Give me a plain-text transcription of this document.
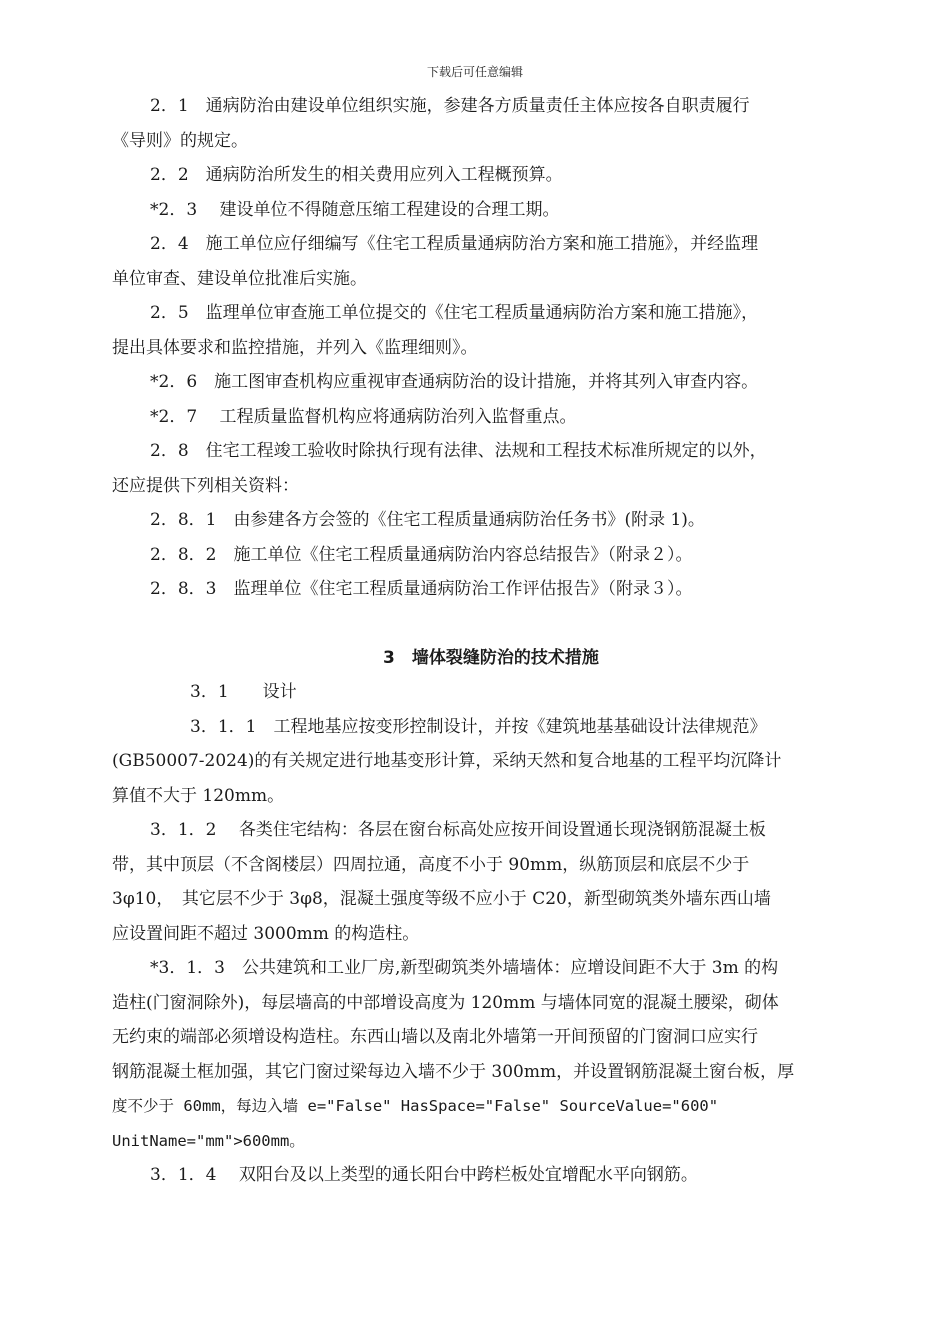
下载后可任意编辑

2．1　通病防治由建设单位组织实施，参建各方质量责任主体应按各自职责履行

《导则》的规定。

2．2　通病防治所发生的相关费用应列入工程概预算。

*2．3　 建设单位不得随意压缩工程建设的合理工期。

2．4　施工单位应仔细编写《住宅工程质量通病防治方案和施工措施》，并经监理

单位审查、建设单位批准后实施。

2．5　监理单位审查施工单位提交的《住宅工程质量通病防治方案和施工措施》，

提出具体要求和监控措施，并列入《监理细则》。

*2．6　施工图审查机构应重视审查通病防治的设计措施，并将其列入审查内容。

*2．7　 工程质量监督机构应将通病防治列入监督重点。

2．8　住宅工程竣工验收时除执行现有法律、法规和工程技术标准所规定的以外，

还应提供下列相关资料：

2．8．1　由参建各方会签的《住宅工程质量通病防治任务书》(附录 1)。

2．8．2　施工单位《住宅工程质量通病防治内容总结报告》（附录２）。

2．8．3　监理单位《住宅工程质量通病防治工作评估报告》（附录３）。

3　墙体裂缝防治的技术措施

3．1　　设计

3．1．1　工程地基应按变形控制设计，并按《建筑地基基础设计法律规范》

(GB50007-2024)的有关规定进行地基变形计算，采纳天然和复合地基的工程平均沉降计

算值不大于 120mm。

3．1．2　 各类住宅结构：各层在窗台标高处应按开间设置通长现浇钢筋混凝土板

带，其中顶层（不含阁楼层）四周拉通，高度不小于 90mm，纵筋顶层和底层不少于

3φ10，　其它层不少于 3φ8，混凝土强度等级不应小于 C20，新型砌筑类外墙东西山墙

应设置间距不超过 3000mm 的构造柱。

*3．1．3　公共建筑和工业厂房,新型砌筑类外墙墙体：应增设间距不大于 3m 的构

造柱(门窗洞除外)，每层墙高的中部增设高度为 120mm 与墙体同宽的混凝土腰梁，砌体

无约束的端部必须增设构造柱。东西山墙以及南北外墙第一开间预留的门窗洞口应实行

钢筋混凝土框加强，其它门窗过梁每边入墙不少于 300mm，并设置钢筋混凝土窗台板，厚

度不少于 60mm，每边入墙 e="False" HasSpace="False" SourceValue="600"

UnitName="mm">600mm。

3．1．4　 双阳台及以上类型的通长阳台中跨栏板处宜增配水平向钢筋。
